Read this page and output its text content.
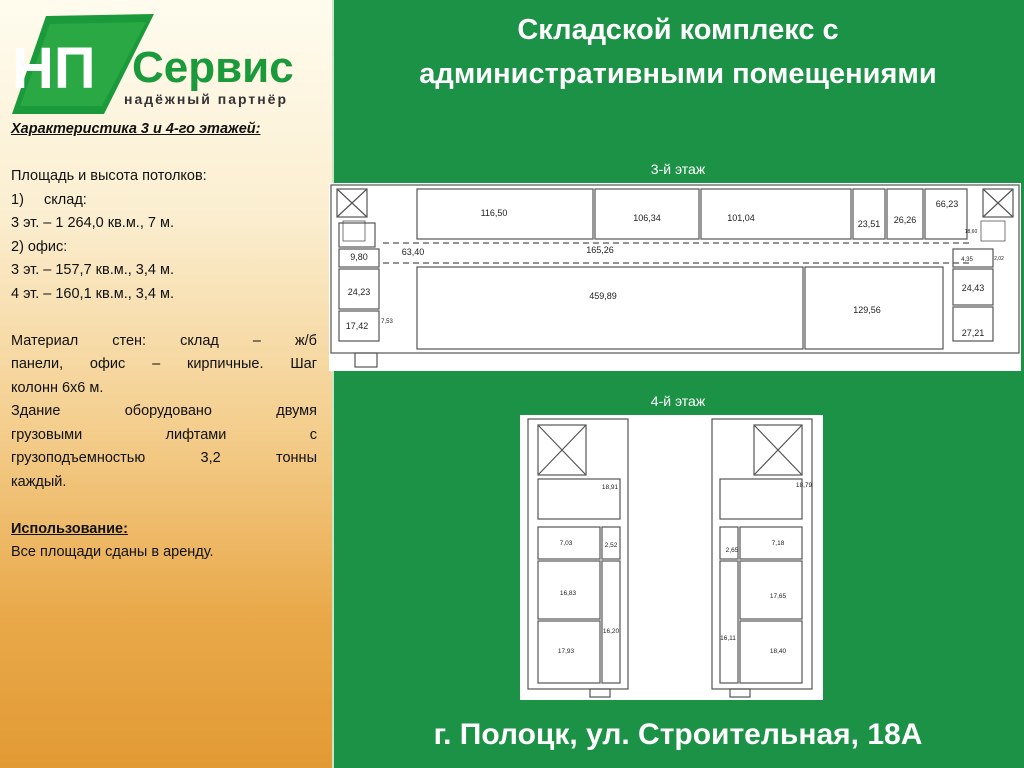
НП Сервис
надёжный партнёр

Характеристика 3 и 4-го этажей:

Площадь и высота потолков:

1)     склад:

3 эт. – 1 264,0 кв.м., 7 м.

2) офис:

3 эт. – 157,7 кв.м., 3,4 м.

4 эт. – 160,1 кв.м., 3,4 м.

Материал стен: склад – ж/б

панели, офис – кирпичные. Шаг

колонн 6х6 м.

Здание оборудовано двумя

грузовыми лифтами с

грузоподъемностью 3,2 тонны

каждый.

Использование:

Все площади сданы в аренду.

Складской комплекс с
административными помещениями
3-й этаж
4-й этаж
116,50	106,34	101,04
23,51 26,26
66,23
63,40	165,26
9,80
459,89
129,56
24,23	24,43
17,42 7,53
27,21
18,60
4,35	2,02
18,91
7,03	2,52
16,83
16,20
17,93
18,79
7,18
2,65
17,65
16,11
18,40
г. Полоцк, ул. Строительная, 18А
